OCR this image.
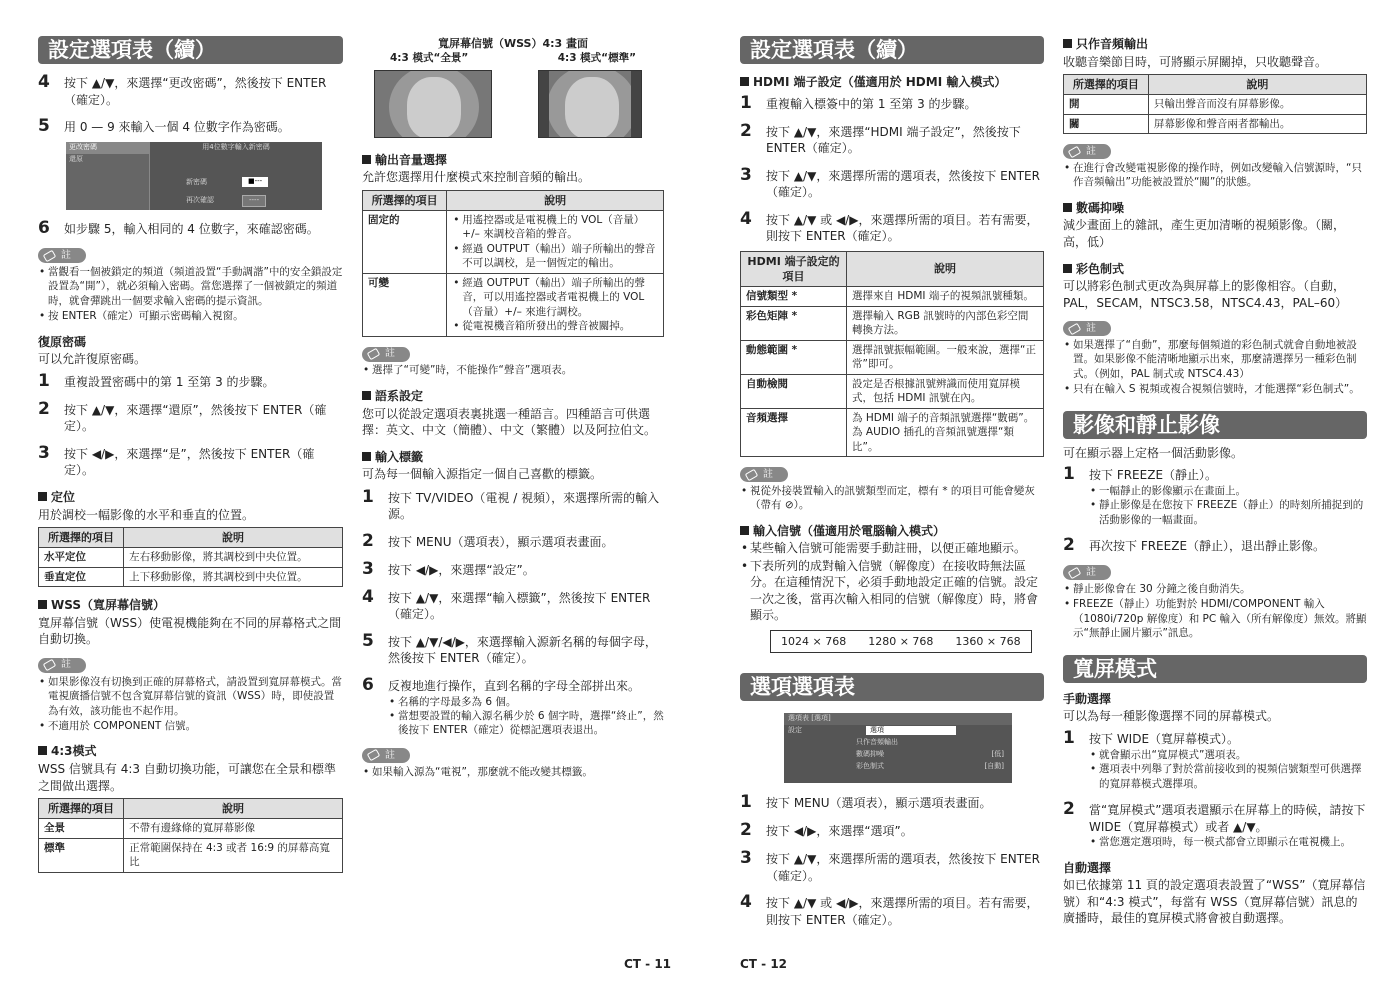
設定選項表（續）
4	按下 ▲/▼，來選擇“更改密碼”，然後按下 ENTER（確定）。
5	用 0 — 9 來輸入一個 4 位數字作為密碼。
更改密碼
還原
用4位數字輸入新密碼
新密碼	■---
再次確認	----
6	如步驟 5，輸入相同的 4 位數字，來確認密碼。
註
• 當觀看一個被鎖定的頻道（頻道設置“手動調諧”中的安全鎖設定設置為“開”），就必須輸入密碼。當您選擇了一個被鎖定的頻道時，就會彈跳出一個要求輸入密碼的提示資訊。
• 按 ENTER（確定）可顯示密碼輸入視窗。
復原密碼
可以允許復原密碼。
1	重複設置密碼中的第 1 至第 3 的步驟。
2	按下 ▲/▼，來選擇“還原”，然後按下 ENTER（確定）。
3	按下 ◀/▶，來選擇“是”，然後按下 ENTER（確定）。
定位
用於調校一幅影像的水平和垂直的位置。
所選擇的項目	說明
水平定位	左右移動影像，將其調校到中央位置。
垂直定位	上下移動影像，將其調校到中央位置。
WSS（寬屏幕信號）
寬屏幕信號（WSS）使電視機能夠在不同的屏幕格式之間自動切換。
註
• 如果影像沒有切換到正確的屏幕格式，請設置到寬屏幕模式。當電視廣播信號不包含寬屏幕信號的資訊（WSS）時，即使設置為有效，該功能也不起作用。
• 不適用於 COMPONENT 信號。
4:3模式
WSS 信號具有 4:3 自動切換功能，可讓您在全景和標準之間做出選擇。
所選擇的項目	說明
全景	不帶有邊緣條的寬屏幕影像
標準	正常範圍保持在 4:3 或者 16:9 的屏幕高寬比
寬屏幕信號（WSS）4:3 畫面
4:3 模式“全景”	4:3 模式“標準”
輸出音量選擇
允許您選擇用什麼模式來控制音頻的輸出。
所選擇的項目	說明
固定的	• 用遙控器或是電視機上的 VOL（音量）+/– 來調校音箱的聲音。
• 經過 OUTPUT（輸出）端子所輸出的聲音不可以調校，是一個恆定的輸出。

可變	• 經過 OUTPUT（輸出）端子所輸出的聲音，可以用遙控器或者電視機上的 VOL（音量）+/– 來進行調校。
• 從電視機音箱所發出的聲音被關掉。
註
• 選擇了“可變”時，不能操作“聲音”選項表。
語系設定
您可以從設定選項表裏挑選一種語言。四種語言可供選擇：英文、中文（簡體）、中文（繁體）以及阿拉伯文。
輸入標籤
可為每一個輸入源指定一個自己喜歡的標籤。
1	按下 TV/VIDEO（電視 / 視頻），來選擇所需的輸入源。
2	按下 MENU（選項表），顯示選項表畫面。
3	按下 ◀/▶，來選擇“設定”。
4	按下 ▲/▼，來選擇“輸入標籤”，然後按下 ENTER（確定）。
5	按下 ▲/▼/◀/▶，來選擇輸入源新名稱的每個字母，然後按下 ENTER（確定）。
6	反複地進行操作，直到名稱的字母全部拼出來。
• 名稱的字母最多為 6 個。
• 當想要設置的輸入源名稱少於 6 個字時，選擇“終止”，然後按下 ENTER（確定）從標記選項表退出。
註
• 如果輸入源為“電視”，那麼就不能改變其標籤。
CT - 11
設定選項表（續）
HDMI 端子設定（僅適用於 HDMI 輸入模式）
1	重複輸入標簽中的第 1 至第 3 的步驟。
2	按下 ▲/▼，來選擇“HDMI 端子設定”，然後按下 ENTER（確定）。
3	按下 ▲/▼，來選擇所需的選項表，然後按下 ENTER（確定）。
4	按下 ▲/▼ 或 ◀/▶，來選擇所需的項目。若有需要，則按下 ENTER（確定）。
HDMI 端子設定的項目	說明
信號類型 *	選擇來自 HDMI 端子的視頻訊號種類。
彩色矩陣 *	選擇輸入 RGB 訊號時的內部色彩空間轉換方法。
動態範圍 *	選擇訊號振幅範圍。一般來說，選擇“正常”即可。
自動檢閱	設定是否根據訊號辨識而使用寬屏模式，包括 HDMI 訊號在內。
音頻選擇	為 HDMI 端子的音頻訊號選擇“數碼”。為 AUDIO 插孔的音頻訊號選擇“類比”。
註
• 視從外接裝置輸入的訊號類型而定，標有 * 的項目可能會變灰（帶有 ⊘）。
輸入信號（僅適用於電腦輸入模式）
• 某些輸入信號可能需要手動註冊，以便正確地顯示。
• 下表所列的成對輸入信號（解像度）在接收時無法區分。在這種情況下，必須手動地設定正確的信號。設定一次之後，當再次輸入相同的信號（解像度）時，將會顯示。
1024 × 768　　1280 × 768　　1360 × 768
選項選項表
選項表 [選項]
設定	選項
只作音頻輸出
數碼抑噪	[低]
彩色制式	[自動]
1	按下 MENU（選項表），顯示選項表畫面。
2	按下 ◀/▶，來選擇“選項”。
3	按下 ▲/▼，來選擇所需的選項表，然後按下 ENTER（確定）。
4	按下 ▲/▼ 或 ◀/▶，來選擇所需的項目。若有需要，則按下 ENTER（確定）。
CT - 12
只作音頻輸出
收聽音樂節目時，可將顯示屏關掉，只收聽聲音。
所選擇的項目	說明
開	只輸出聲音而沒有屏幕影像。
關	屏幕影像和聲音兩者都輸出。
註
• 在進行會改變電視影像的操作時，例如改變輸入信號源時，“只作音頻輸出”功能被設置於“關”的狀態。
數碼抑噪
減少畫面上的雜訊，產生更加清晰的視頻影像。（關，高，低）
彩色制式
可以將彩色制式更改為與屏幕上的影像相容。（自動，PAL，SECAM，NTSC3.58，NTSC4.43，PAL–60）
註
• 如果選擇了“自動”，那麼每個頻道的彩色制式就會自動地被設置。如果影像不能清晰地顯示出來，那麼請選擇另一種彩色制式。（例如，PAL 制式或 NTSC4.43）
• 只有在輸入 S 視頻或複合視頻信號時，才能選擇“彩色制式”。
影像和靜止影像
可在顯示器上定格一個活動影像。
1	按下 FREEZE（靜止）。
• 一幅靜止的影像顯示在畫面上。
• 靜止影像是在您按下 FREEZE（靜止）的時刻所捕捉到的活動影像的一幅畫面。
2	再次按下 FREEZE（靜止），退出靜止影像。
註
• 靜止影像會在 30 分鐘之後自動消失。
• FREEZE（靜止）功能對於 HDMI/COMPONENT 輸入（1080i/720p 解像度）和 PC 輸入（所有解像度）無效。將顯示“無靜止圖片顯示”訊息。
寬屏模式
手動選擇
可以為每一種影像選擇不同的屏幕模式。
1	按下 WIDE（寬屏幕模式）。
• 就會顯示出“寬屏模式”選項表。
• 選項表中列舉了對於當前接收到的視頻信號類型可供選擇的寬屏幕模式選擇項。
2	當“寬屏模式”選項表還顯示在屏幕上的時候，請按下 WIDE（寬屏幕模式）或者 ▲/▼。
• 當您選定選項時，每一模式都會立即顯示在電視機上。
自動選擇
如已依據第 11 頁的設定選項表設置了“WSS”（寬屏幕信號）和“4:3 模式”，每當有 WSS（寬屏幕信號）訊息的廣播時，最佳的寬屏模式將會被自動選擇。
